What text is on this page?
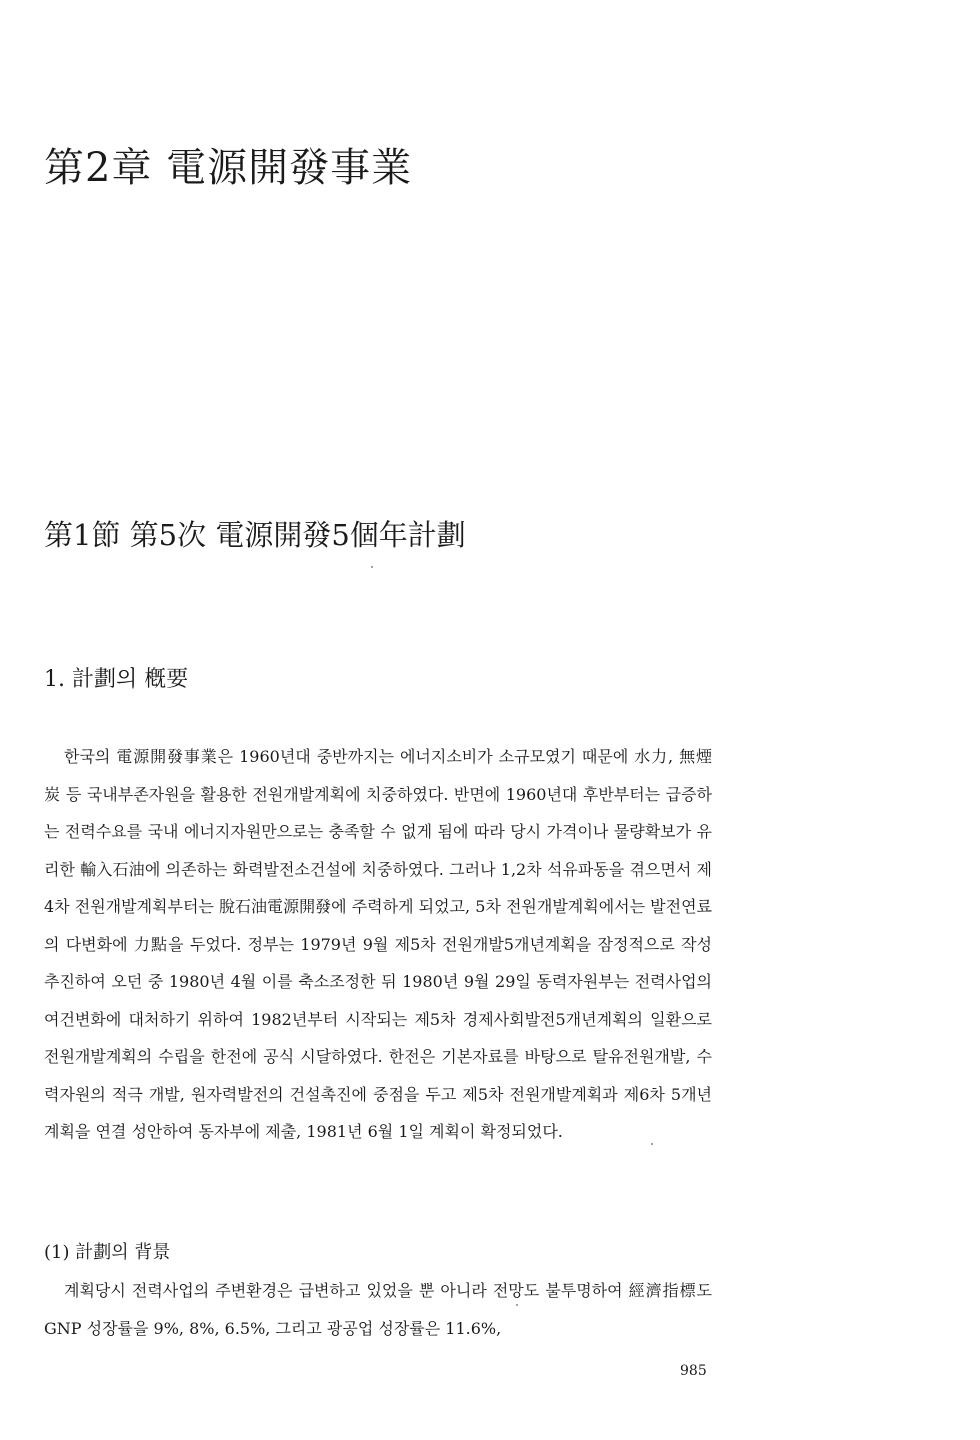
第2章 電源開發事業
第1節 第5次 電源開發5個年計劃
1. 計劃의 槪要

한국의 電源開發事業은 1960년대 중반까지는 에너지소비가 소규모였기 때문에 水力, 無煙炭 등 국내부존자원을 활용한 전원개발계획에 치중하였다. 반면에 1960년대 후반부터는 급증하는 전력수요를 국내 에너지자원만으로는 충족할 수 없게 됨에 따라 당시 가격이나 물량확보가 유리한 輸入石油에 의존하는 화력발전소건설에 치중하였다. 그러나 1,2차 석유파동을 겪으면서 제4차 전원개발계획부터는 脫石油電源開發에 주력하게 되었고, 5차 전원개발계획에서는 발전연료의 다변화에 力點을 두었다. 정부는 1979년 9월 제5차 전원개발5개년계획을 잠정적으로 작성 추진하여 오던 중 1980년 4월 이를 축소조정한 뒤 1980년 9월 29일 동력자원부는 전력사업의 여건변화에 대처하기 위하여 1982년부터 시작되는 제5차 경제사회발전5개년계획의 일환으로 전원개발계획의 수립을 한전에 공식 시달하였다. 한전은 기본자료를 바탕으로 탈유전원개발, 수력자원의 적극 개발, 원자력발전의 건설촉진에 중점을 두고 제5차 전원개발계획과 제6차 5개년계획을 연결 성안하여 동자부에 제출, 1981년 6월 1일 계획이 확정되었다.

(1) 計劃의 背景

계획당시 전력사업의 주변환경은 급변하고 있었을 뿐 아니라 전망도 불투명하여 經濟指標도 GNP 성장률을 9%, 8%, 6.5%, 그리고 광공업 성장률은 11.6%,

985
